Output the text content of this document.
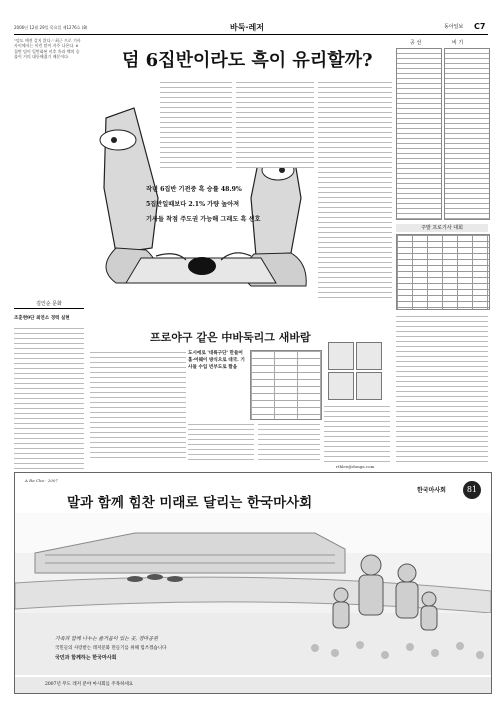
2006년 12월 29일 목요일 제1276호 (8)	바둑·레저	동아일보 C7
"덤도 예전 같지 않다." 최근 프로 기사 사이에서는 이런 말이 자주 나온다. 6집반 덤이 일반화된 이후 흑과 백의 승률이 거의 대등해졌기 때문이다.	덤 6집반이라도 흑이 유리할까?
작년 6집반 기전중 흑 승률 48.9%
5집반일때보다 2.1% 가량 높아져
기사들 착점 주도권 가능해 그래도 흑 선호
공 선	비 기
주말 프로기사 대회
김인순 문화
조훈현9단 최연소 경력 실현
프로야구 같은 中바둑리그 새바람
도시에로 '대륙구단' 만들어 홈·어웨이 방식으로 대국. 기사들 수입 빈부도로 짤음
rthlee@donga.com
A Ra Cha · 2007
말과 함께 힘찬 미래로 달리는 한국마사회
81
한국마사회
가족과 함께 나누는 즐거움이 있는 곳, 경마공원
국민들의 사랑받는 레저문화 만들기를 위해 힘쓰겠습니다
국민과 함께하는 한국마사회
2007년 무도 레저 분야 마사회를 주목하세요
